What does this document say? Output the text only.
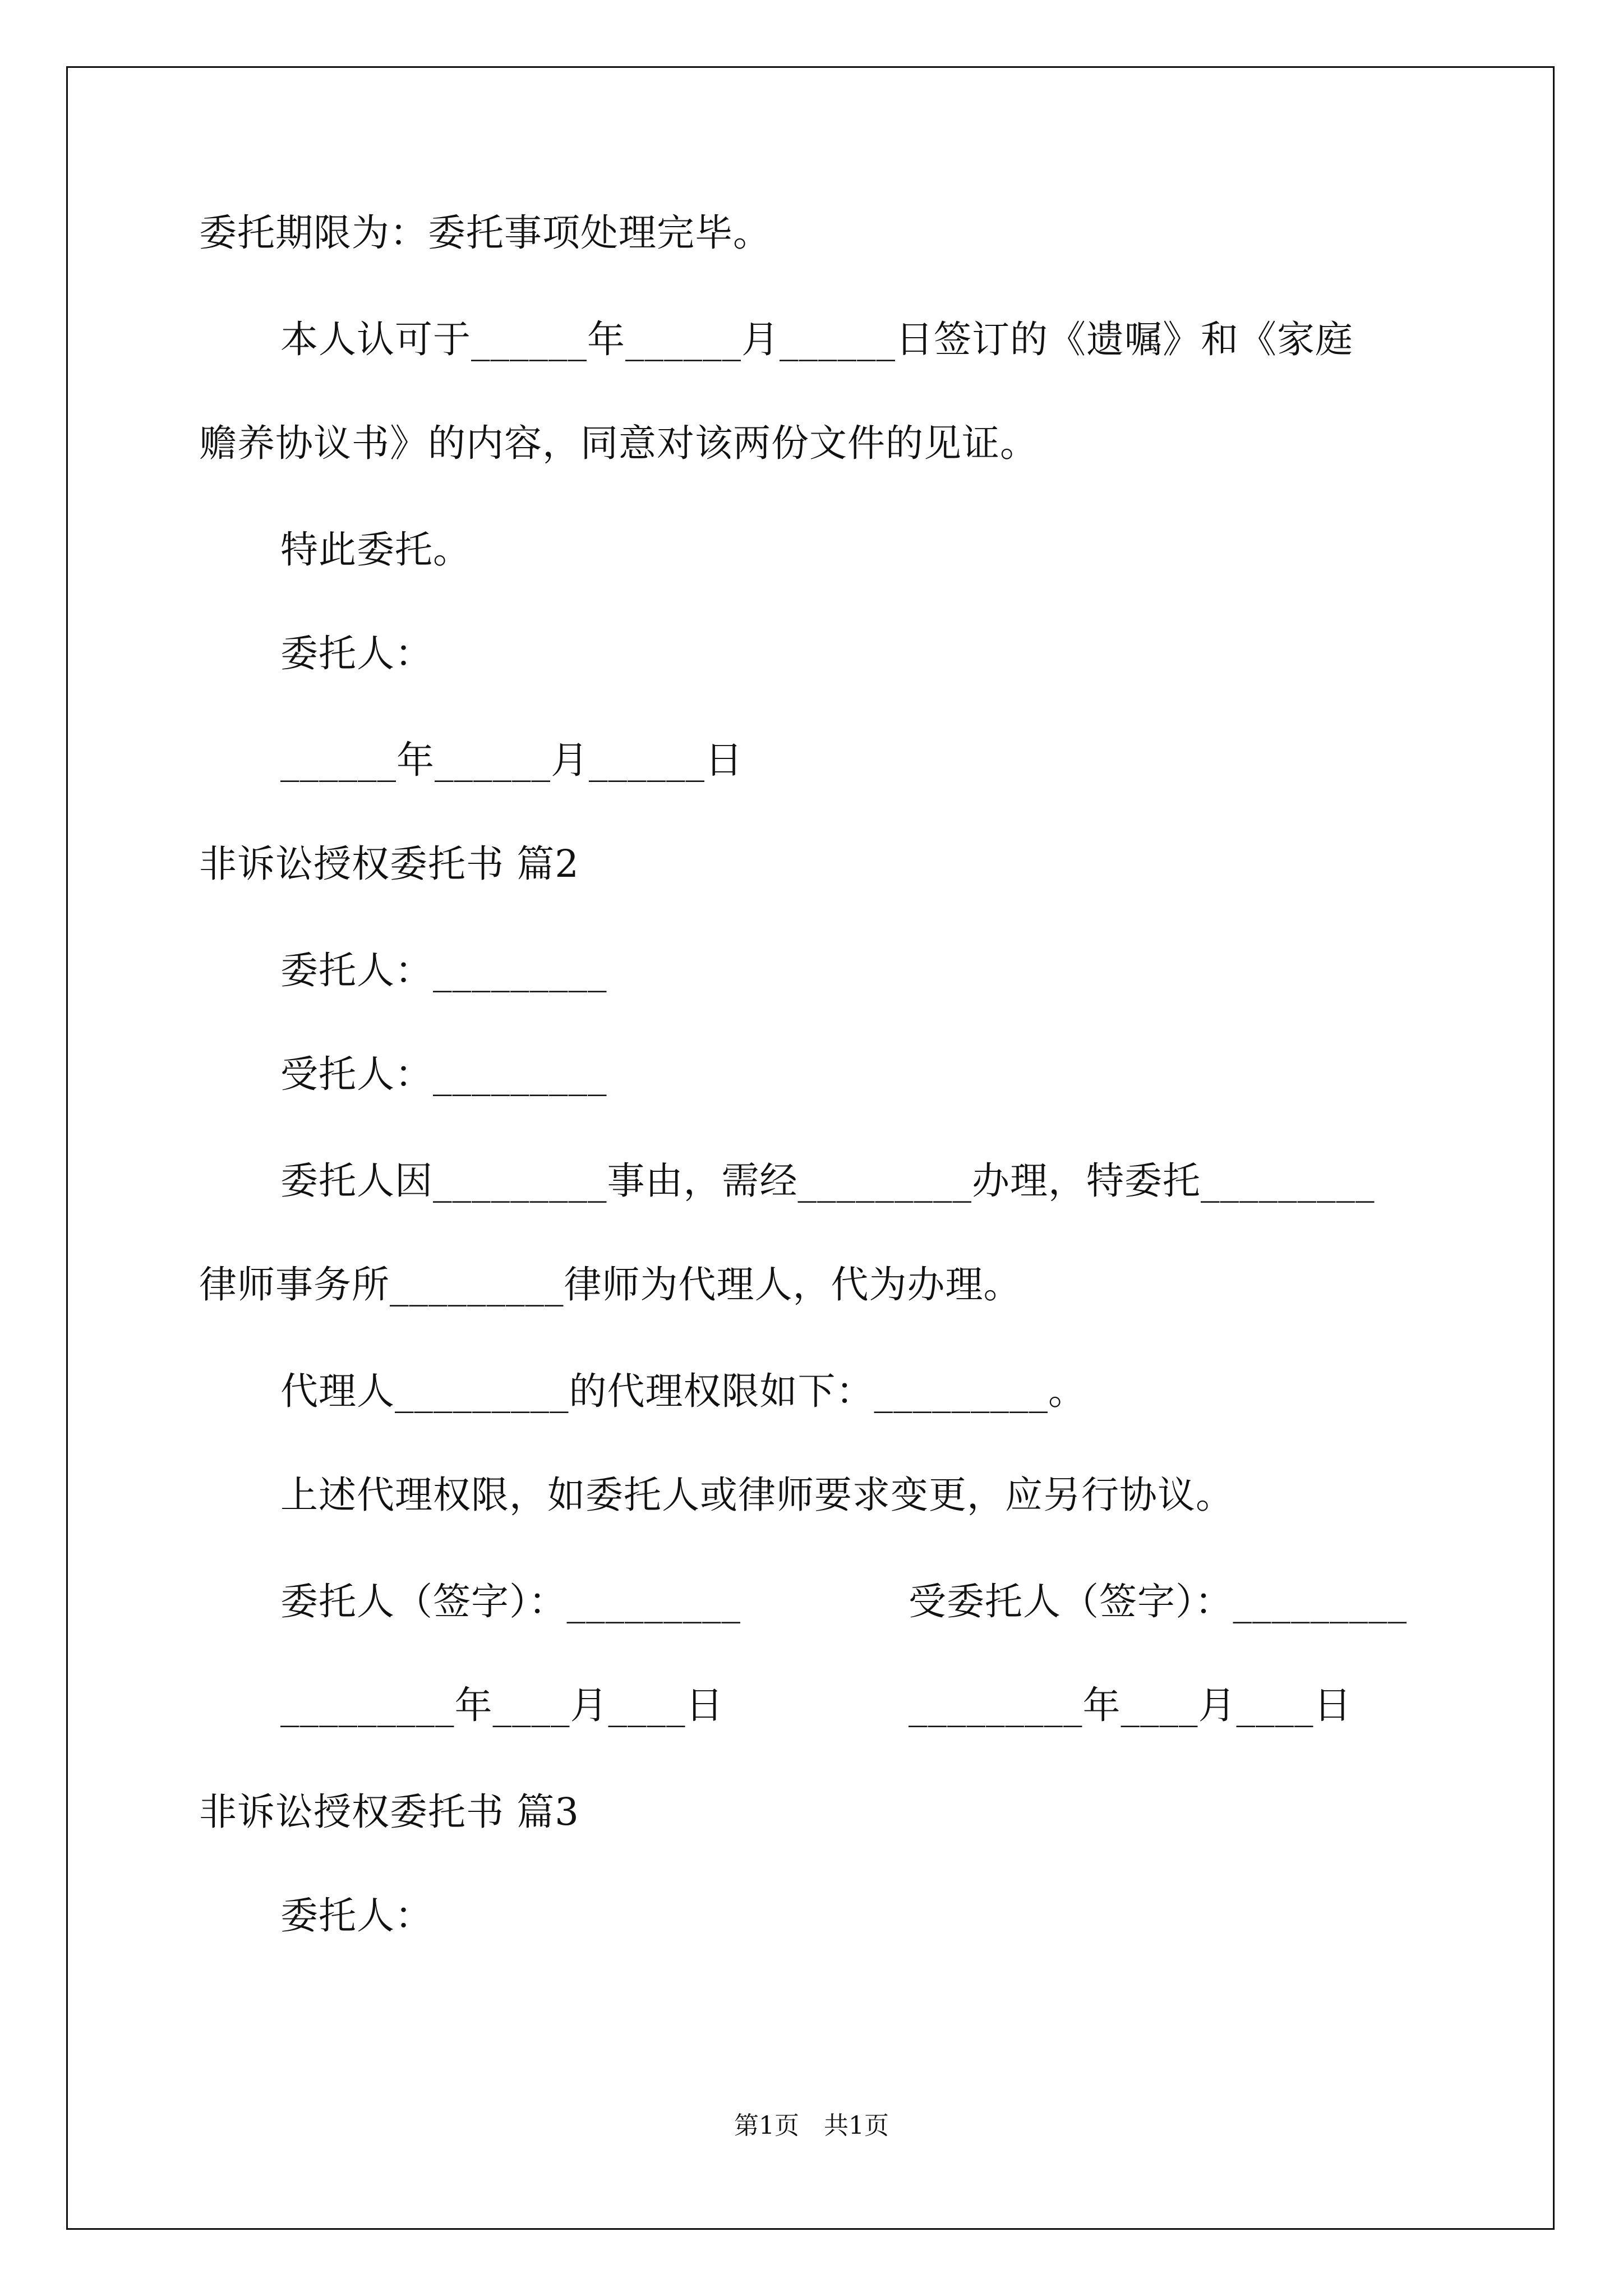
委托期限为：委托事项处理完毕。
本人认可于______年______月______日签订的《遗嘱》和《家庭
赡养协议书》的内容，同意对该两份文件的见证。
特此委托。
委托人：
______年______月______日
非诉讼授权委托书 篇2
委托人：_________
受托人：_________
委托人因_________事由，需经_________办理，特委托_________
律师事务所_________律师为代理人，代为办理。
代理人_________的代理权限如下：_________。
上述代理权限，如委托人或律师要求变更，应另行协议。
委托人（签字）：_________	受委托人（签字）：_________
_________年____月____日	_________年____月____日
非诉讼授权委托书 篇3
委托人：
第1页　共1页
